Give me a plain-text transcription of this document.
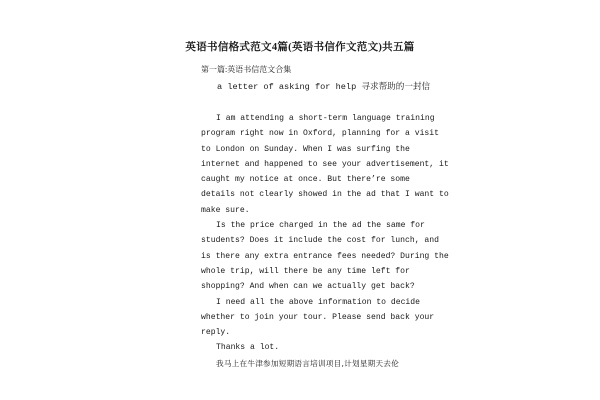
英语书信格式范文4篇(英语书信作文范文)共五篇
第一篇:英语书信范文合集
a letter of asking for help 寻求帮助的一封信
I am attending a short-term language training
program right now in Oxford, planning for a visit
to London on Sunday. When I was surfing the
internet and happened to see your advertisement, it
caught my notice at once. But there’re some
details not clearly showed in the ad that I want to
make sure.
Is the price charged in the ad the same for
students? Does it include the cost for lunch, and
is there any extra entrance fees needed? During the
whole trip, will there be any time left for
shopping? And when can we actually get back?
I need all the above information to decide
whether to join your tour. Please send back your
reply.
Thanks a lot.
我马上在牛津参加短期语言培训项目,计划星期天去伦
